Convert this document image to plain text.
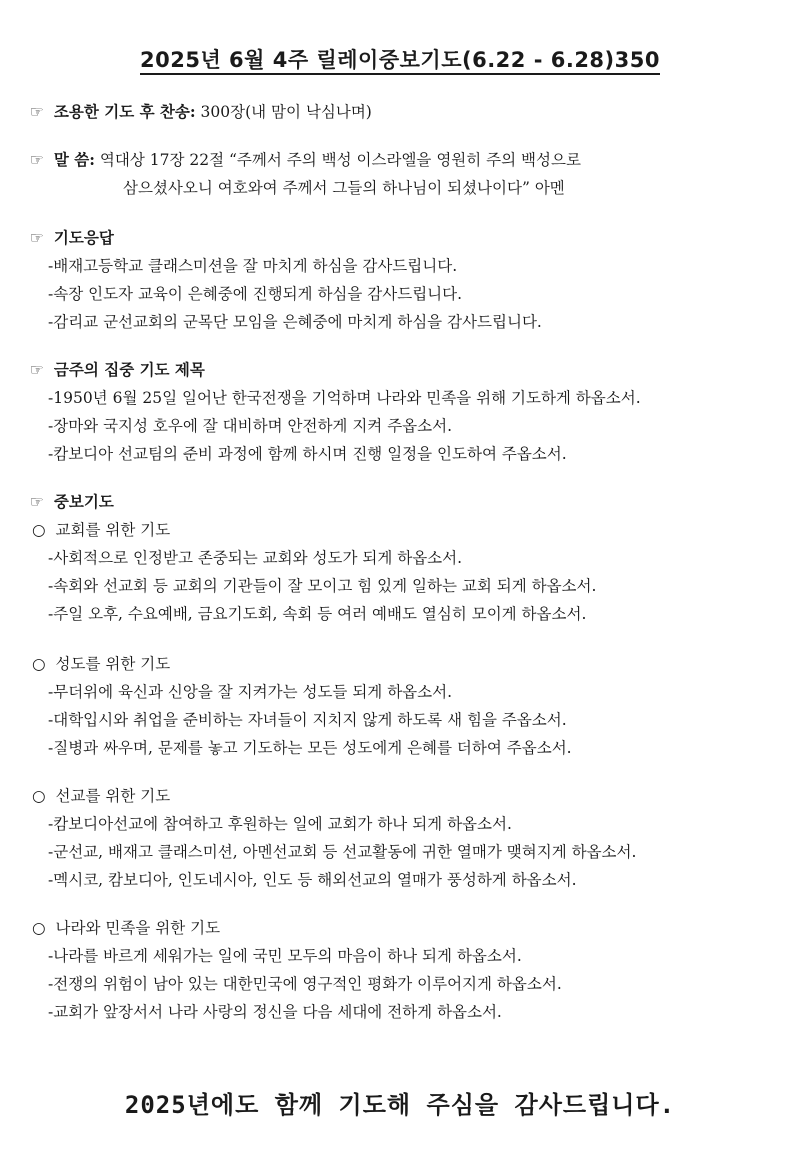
2025년 6월 4주 릴레이중보기도(6.22 - 6.28)350
☞ 조용한 기도 후 찬송: 300장(내 맘이 낙심나며)
☞ 말 씀: 역대상 17장 22절 “주께서 주의 백성 이스라엘을 영원히 주의 백성으로
삼으셨사오니 여호와여 주께서 그들의 하나님이 되셨나이다” 아멘
☞ 기도응답
-배재고등학교 클래스미션을 잘 마치게 하심을 감사드립니다.
-속장 인도자 교육이 은혜중에 진행되게 하심을 감사드립니다.
-감리교 군선교회의 군목단 모임을 은혜중에 마치게 하심을 감사드립니다.
☞ 금주의 집중 기도 제목
-1950년 6월 25일 일어난 한국전쟁을 기억하며 나라와 민족을 위해 기도하게 하옵소서.
-장마와 국지성 호우에 잘 대비하며 안전하게 지켜 주옵소서.
-캄보디아 선교팀의 준비 과정에 함께 하시며 진행 일정을 인도하여 주옵소서.
☞ 중보기도
○ 교회를 위한 기도
-사회적으로 인정받고 존중되는 교회와 성도가 되게 하옵소서.
-속회와 선교회 등 교회의 기관들이 잘 모이고 힘 있게 일하는 교회 되게 하옵소서.
-주일 오후, 수요예배, 금요기도회, 속회 등 여러 예배도 열심히 모이게 하옵소서.
○ 성도를 위한 기도
-무더위에 육신과 신앙을 잘 지켜가는 성도들 되게 하옵소서.
-대학입시와 취업을 준비하는 자녀들이 지치지 않게 하도록 새 힘을 주옵소서.
-질병과 싸우며, 문제를 놓고 기도하는 모든 성도에게 은혜를 더하여 주옵소서.
○ 선교를 위한 기도
-캄보디아선교에 참여하고 후원하는 일에 교회가 하나 되게 하옵소서.
-군선교, 배재고 클래스미션, 아멘선교회 등 선교활동에 귀한 열매가 맺혀지게 하옵소서.
-멕시코, 캄보디아, 인도네시아, 인도 등 해외선교의 열매가 풍성하게 하옵소서.
○ 나라와 민족을 위한 기도
-나라를 바르게 세워가는 일에 국민 모두의 마음이 하나 되게 하옵소서.
-전쟁의 위험이 남아 있는 대한민국에 영구적인 평화가 이루어지게 하옵소서.
-교회가 앞장서서 나라 사랑의 정신을 다음 세대에 전하게 하옵소서.
2025년에도 함께 기도해 주심을 감사드립니다.
